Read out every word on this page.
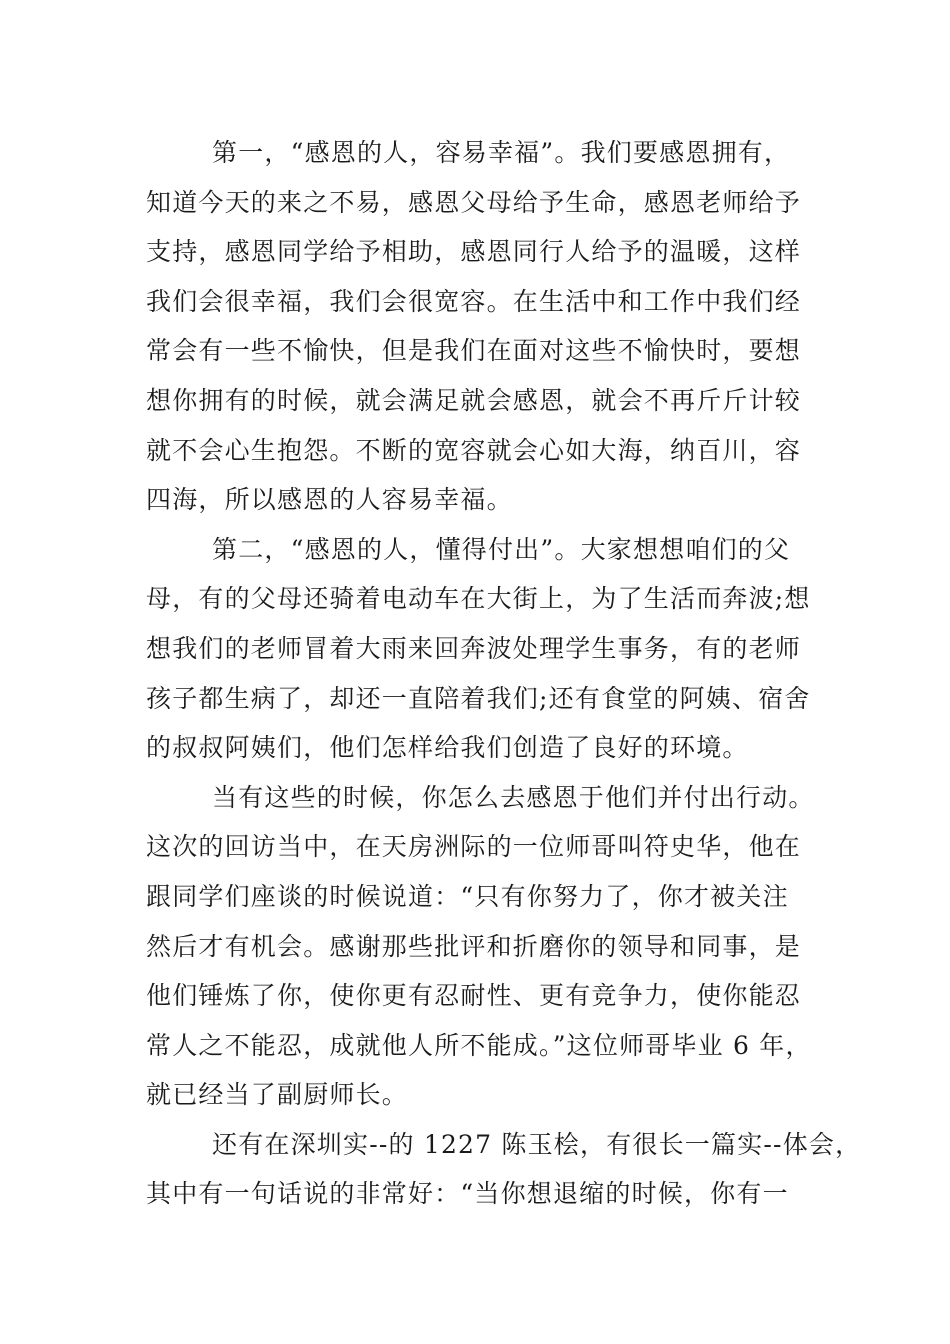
第一，“感恩的人，容易幸福”。我们要感恩拥有，
知道今天的来之不易，感恩父母给予生命，感恩老师给予
支持，感恩同学给予相助，感恩同行人给予的温暖，这样
我们会很幸福，我们会很宽容。在生活中和工作中我们经
常会有一些不愉快，但是我们在面对这些不愉快时，要想
想你拥有的时候，就会满足就会感恩，就会不再斤斤计较
就不会心生抱怨。不断的宽容就会心如大海，纳百川，容
四海，所以感恩的人容易幸福。

第二，“感恩的人，懂得付出”。大家想想咱们的父
母，有的父母还骑着电动车在大街上，为了生活而奔波;想
想我们的老师冒着大雨来回奔波处理学生事务，有的老师
孩子都生病了，却还一直陪着我们;还有食堂的阿姨、宿舍
的叔叔阿姨们，他们怎样给我们创造了良好的环境。

当有这些的时候，你怎么去感恩于他们并付出行动。
这次的回访当中，在天房洲际的一位师哥叫符史华，他在
跟同学们座谈的时候说道：“只有你努力了，你才被关注
然后才有机会。感谢那些批评和折磨你的领导和同事，是
他们锤炼了你，使你更有忍耐性、更有竞争力，使你能忍
常人之不能忍，成就他人所不能成。”这位师哥毕业 6 年，
就已经当了副厨师长。

还有在深圳实--的 1227 陈玉桧，有很长一篇实--体会，
其中有一句话说的非常好：“当你想退缩的时候，你有一
